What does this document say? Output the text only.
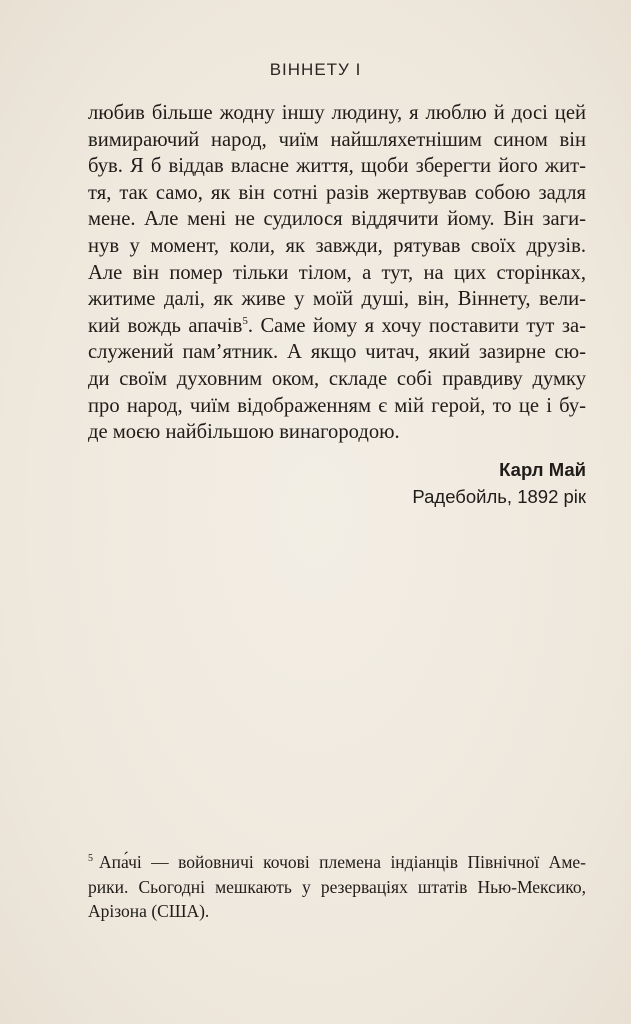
ВІННЕТУ І
любив більше жодну іншу людину, я люблю й досі цей
вимираючий народ, чиїм найшляхетнішим сином він
був. Я б віддав власне життя, щоби зберегти його жит-
тя, так само, як він сотні разів жертвував собою задля
мене. Але мені не судилося віддячити йому. Він заги-
нув у момент, коли, як завжди, рятував своїх друзів.
Але він помер тільки тілом, а тут, на цих сторінках,
житиме далі, як живе у моїй душі, він, Віннету, вели-
кий вождь апачів$^5$. Саме йому я хочу поставити тут за-
служений пам’ятник. А якщо читач, який зазирне сю-
ди своїм духовним оком, складе собі правдиву думку
про народ, чиїм відображенням є мій герой, то це і бу-
де моєю найбільшою винагородою.
Карл Май
Радебойль, 1892 рік
$^5$ Апа́чі — войовничі кочові племена індіанців Північної Аме-
рики. Сьогодні мешкають у резерваціях штатів Нью-Мексико,
Арізона (США).
